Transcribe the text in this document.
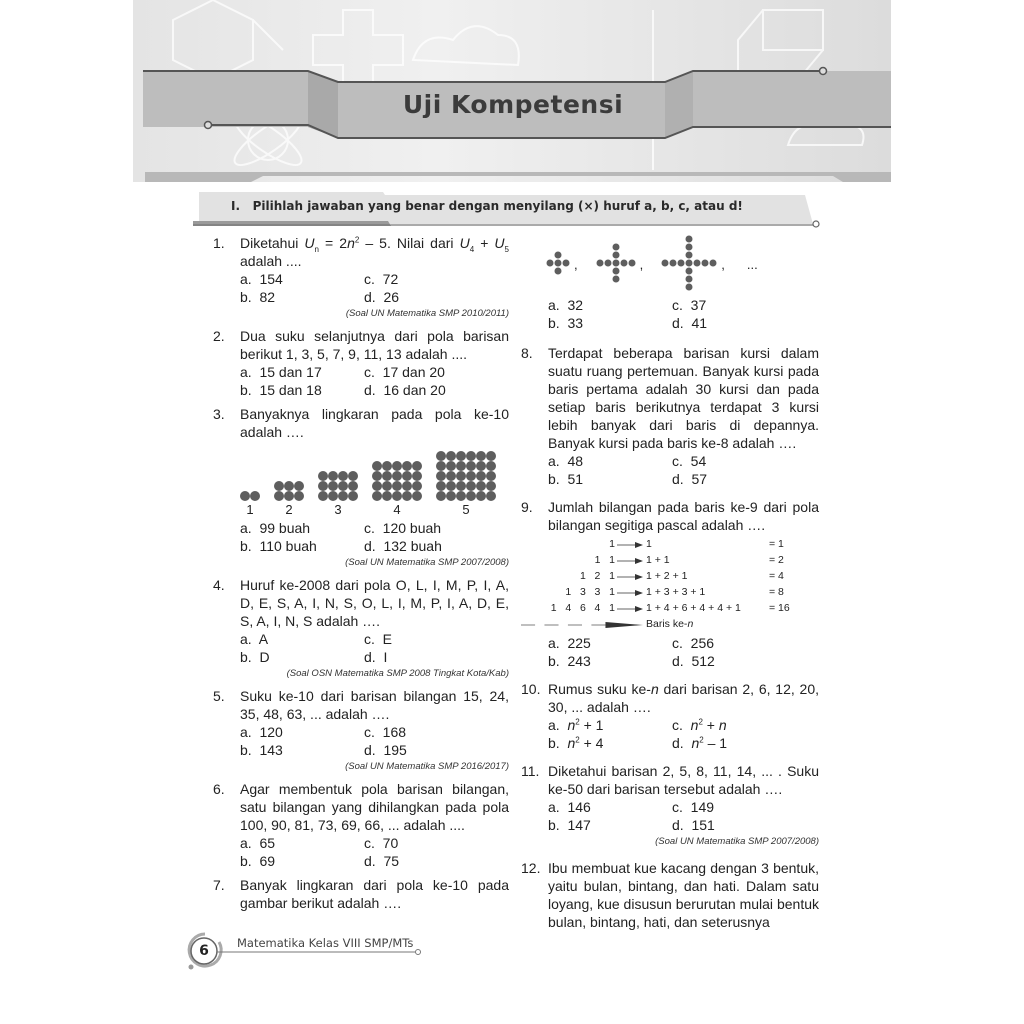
Uji Kompetensi
I. Pilihlah jawaban yang benar dengan menyilang (×) huruf a, b, c, atau d!
1. Diketahui $U_n = 2n^2 - 5$. Nilai dari $U_4 + U_5$ adalah ....
a.  154	c.  72
b.  82	d.  26
(Soal UN Matematika SMP 2010/2011)
2. Dua suku selanjutnya dari pola barisan berikut 1, 3, 5, 7, 9, 11, 13 adalah ....
a.  15 dan 17	c.  17 dan 20
b.  15 dan 18	d.  16 dan 20
3. Banyaknya lingkaran pada pola ke-10 adalah ….
1	2	3	4	5
a.  99 buah	c.  120 buah
b.  110 buah	d.  132 buah
(Soal UN Matematika SMP 2007/2008)
4. Huruf ke-2008 dari pola O, L, I, M, P, I, A, D, E, S, A, I, N, S, O, L, I, M, P, I, A, D, E, S, A, I, N, S adalah ….
a.  A	c.  E
b.  D	d.  I
(Soal OSN Matematika SMP 2008 Tingkat Kota/Kab)
5. Suku ke-10 dari barisan bilangan 15, 24, 35, 48, 63, ... adalah ….
a.  120	c.  168
b.  143	d.  195
(Soal UN Matematika SMP 2016/2017)
6. Agar membentuk pola barisan bilangan, satu bilangan yang dihilangkan pada pola 100, 90, 81, 73, 69, 66, ... adalah ....
a.  65	c.  70
b.  69	d.  75
7. Banyak lingkaran dari pola ke-10 pada gambar berikut adalah ….
,	,	, ...
a.  32	c.  37
b.  33	d.  41
8. Terdapat beberapa barisan kursi dalam suatu ruang pertemuan. Banyak kursi pada baris pertama adalah 30 kursi dan pada setiap baris berikutnya terdapat 3 kursi lebih banyak dari baris di depannya. Banyak kursi pada baris ke-8 adalah ….
a.  48	c.  54
b.  51	d.  57
9. Jumlah bilangan pada baris ke-9 dari pola bilangan segitiga pascal adalah ….
1	1	= 1
1   1	1 + 1	= 2
1   2   1	1 + 2 + 1	= 4
1   3   3   1	1 + 3 + 3 + 1	= 8
1   4   6   4   1	1 + 4 + 6 + 4 + 4 + 1	= 16
Baris ke-n
a.  225	c.  256
b.  243	d.  512
10. Rumus suku ke-n dari barisan 2, 6, 12, 20, 30, ... adalah ….
a.  $n^2 + 1$	c.  $n^2 + n$
b.  $n^2 + 4$	d.  $n^2 - 1$
11. Diketahui barisan 2, 5, 8, 11, 14, ... . Suku ke-50 dari barisan tersebut adalah ….
a.  146	c.  149
b.  147	d.  151
(Soal UN Matematika SMP 2007/2008)
12. Ibu membuat kue kacang dengan 3 bentuk, yaitu bulan, bintang, dan hati. Dalam satu loyang, kue disusun berurutan mulai bentuk bulan, bintang, hati, dan seterusnya
6	Matematika Kelas VIII SMP/MTs
